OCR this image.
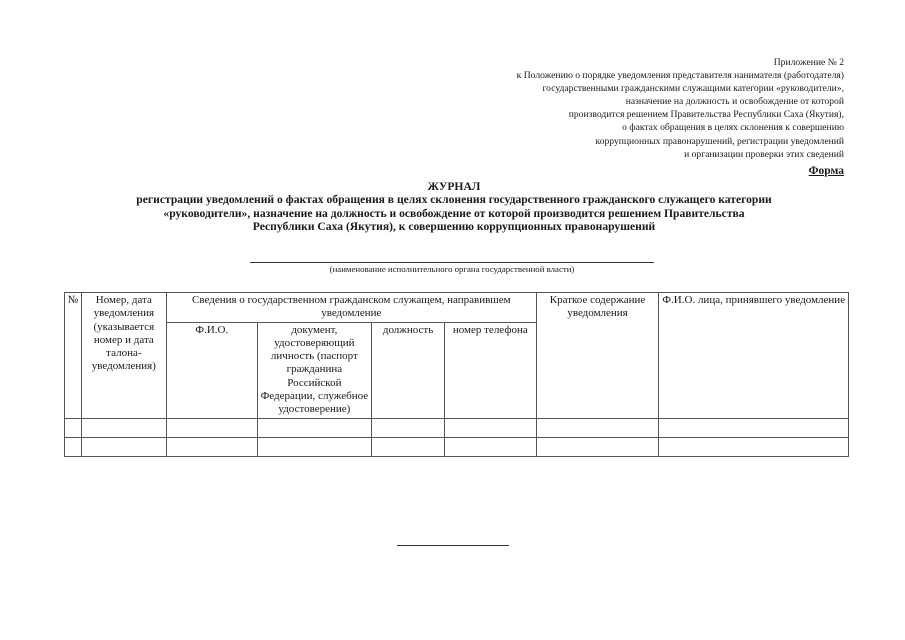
Приложение № 2
к Положению о порядке уведомления представителя нанимателя (работодателя)
государственными гражданскими служащими категории «руководители»,
назначение на должность и освобождение от которой
производится решением Правительства Республики Саха (Якутия),
о фактах обращения в целях склонения к совершению
коррупционных правонарушений, регистрации уведомлений
и организации проверки этих сведений
Форма
ЖУРНАЛ
регистрации уведомлений о фактах обращения в целях склонения государственного гражданского служащего категории
«руководители», назначение на должность и освобождение от которой производится решением Правительства
Республики Саха (Якутия), к совершению коррупционных правонарушений
(наименование исполнительного органа государственной власти)
№	Номер, дата уведомления (указывается номер и дата талона-уведомления)	Сведения о государственном гражданском служащем, направившем уведомление				Краткое содержание уведомления	Ф.И.О. лица, принявшего уведомление
		Ф.И.О.	документ, удостоверяющий личность (паспорт гражданина Российской Федерации, служебное удостоверение)	должность	номер телефона		
